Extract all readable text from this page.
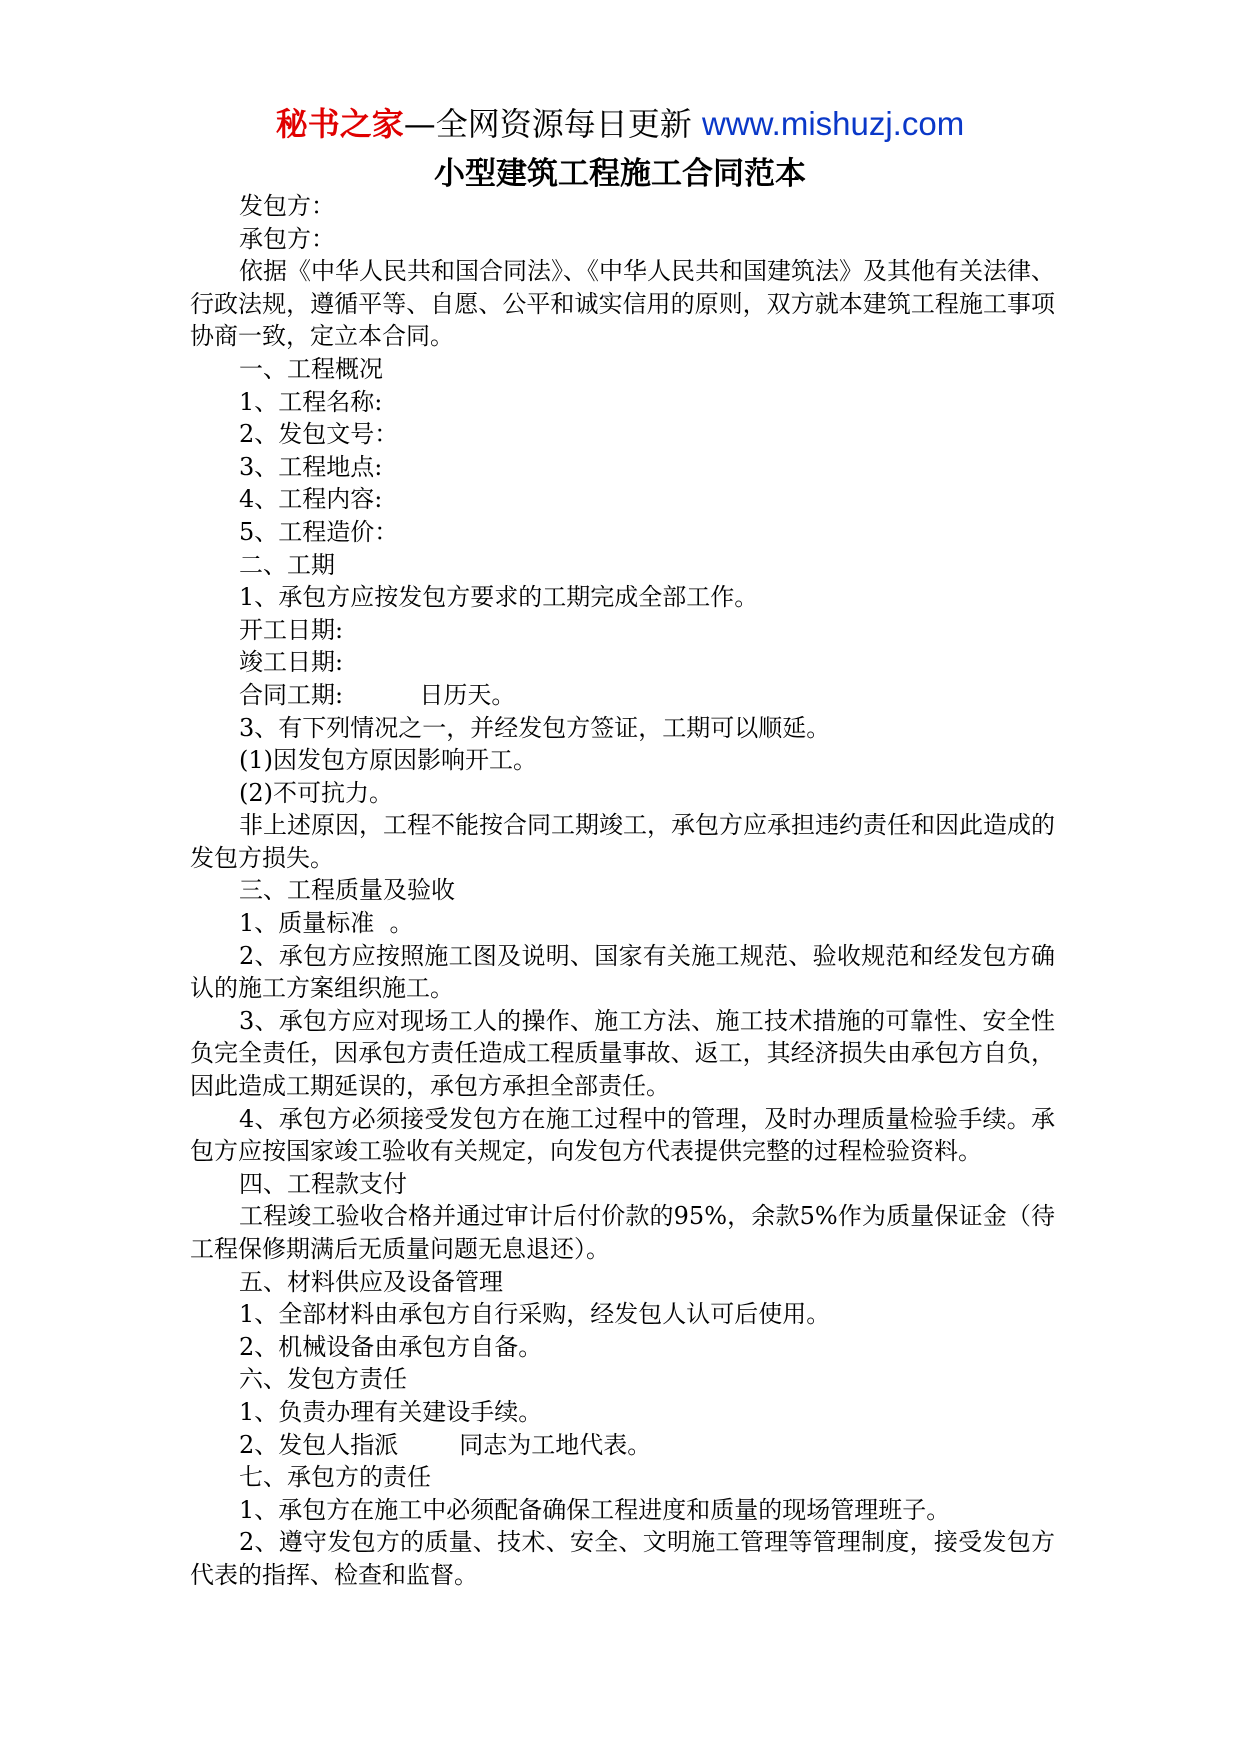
秘书之家—全网资源每日更新 www.mishuzj.com
小型建筑工程施工合同范本

发包方：

承包方：

依据《中华人民共和国合同法》、《中华人民共和国建筑法》及其他有关法律、行政法规，遵循平等、自愿、公平和诚实信用的原则，双方就本建筑工程施工事项协商一致，定立本合同。

一、工程概况

1、工程名称:

2、发包文号：

3、工程地点:

4、工程内容:

5、工程造价：

二、工期

1、承包方应按发包方要求的工期完成全部工作。

开工日期:

竣工日期:

合同工期:          日历天。

3、有下列情况之一，并经发包方签证，工期可以顺延。

(1)因发包方原因影响开工。

(2)不可抗力。

非上述原因，工程不能按合同工期竣工，承包方应承担违约责任和因此造成的发包方损失。

三、工程质量及验收

1、质量标准  。

2、承包方应按照施工图及说明、国家有关施工规范、验收规范和经发包方确认的施工方案组织施工。

3、承包方应对现场工人的操作、施工方法、施工技术措施的可靠性、安全性负完全责任，因承包方责任造成工程质量事故、返工，其经济损失由承包方自负，因此造成工期延误的，承包方承担全部责任。

4、承包方必须接受发包方在施工过程中的管理，及时办理质量检验手续。承包方应按国家竣工验收有关规定，向发包方代表提供完整的过程检验资料。

四、工程款支付

工程竣工验收合格并通过审计后付价款的95%，余款5%作为质量保证金（待工程保修期满后无质量问题无息退还）。

五、材料供应及设备管理

1、全部材料由承包方自行采购，经发包人认可后使用。

2、机械设备由承包方自备。

六、发包方责任

1、负责办理有关建设手续。

2、发包人指派        同志为工地代表。

七、承包方的责任

1、承包方在施工中必须配备确保工程进度和质量的现场管理班子。

2、遵守发包方的质量、技术、安全、文明施工管理等管理制度，接受发包方代表的指挥、检查和监督。
